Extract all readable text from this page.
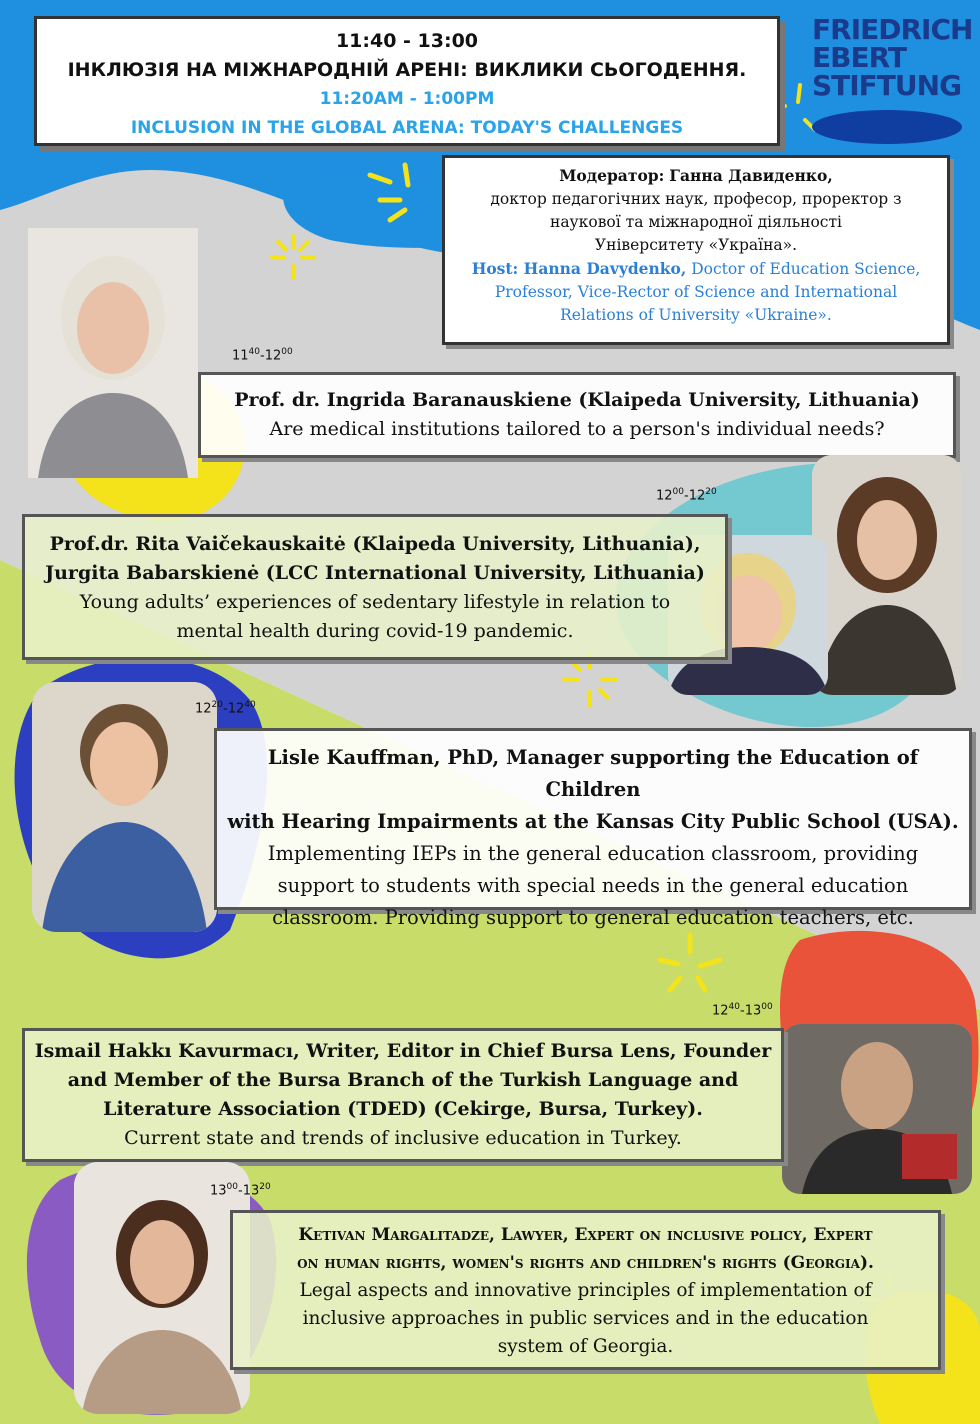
11:40 - 13:00
ІНКЛЮЗІЯ НА МІЖНАРОДНІЙ АРЕНІ: ВИКЛИКИ СЬОГОДЕННЯ.
11:20AM - 1:00PM
INCLUSION IN THE GLOBAL ARENA: TODAY'S CHALLENGES
FRIEDRICH
EBERT
STIFTUNG
Модератор: Ганна Давиденко,
доктор педагогічних наук, професор, проректор з
наукової та міжнародної діяльності
Університету «Україна».
Host: Hanna Davydenko, Doctor of Education Science,
Professor, Vice-Rector of Science and International
Relations of University «Ukraine».
$11^{40}-12^{00}$
Prof. dr. Ingrida Baranauskiene (Klaipeda University, Lithuania)
Are medical institutions tailored to a person's individual needs?
$12^{00}-12^{20}$
Prof.dr. Rita Vaičekauskaitė (Klaipeda University, Lithuania),
Jurgita Babarskienė (LCC International University, Lithuania)
Young adults’ experiences of sedentary lifestyle in relation to
mental health during covid-19 pandemic.
$12^{20}-12^{40}$
Lisle Kauffman, PhD, Manager supporting the Education of Children
with Hearing Impairments at the Kansas City Public School (USA).
Implementing IEPs in the general education classroom, providing
support to students with special needs in the general education
classroom. Providing support to general education teachers, etc.
$12^{40}-13^{00}$
Ismail Hakkı Kavurmacı, Writer, Editor in Chief Bursa Lens, Founder
and Member of the Bursa Branch of the Turkish Language and
Literature Association (TDED) (Cekirge, Bursa, Turkey).
Current state and trends of inclusive education in Turkey.
$13^{00}-13^{20}$
Ketivan Margalitadze, Lawyer, Expert on inclusive policy, Expert
on human rights, women's rights and children's rights (Georgia).
Legal aspects and innovative principles of implementation of
inclusive approaches in public services and in the education
system of Georgia.
